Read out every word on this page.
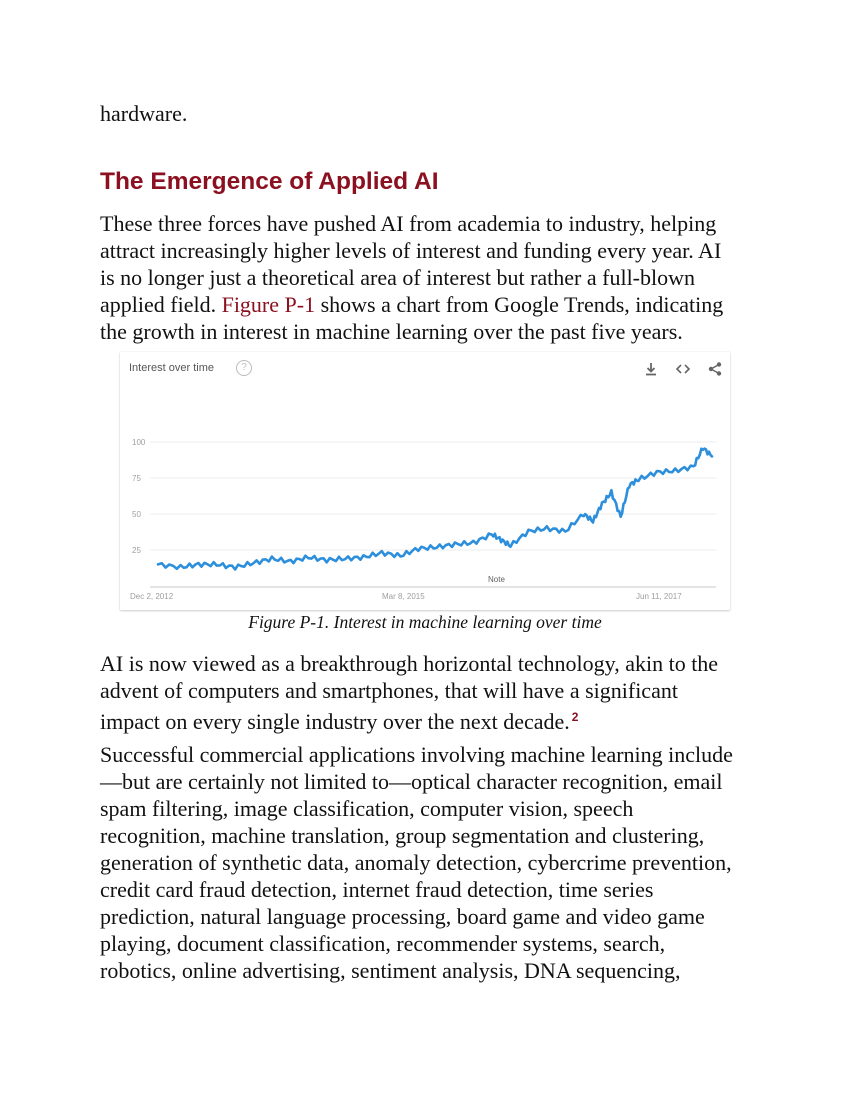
hardware.

The Emergence of Applied AI

These three forces have pushed AI from academia to industry, helping
attract increasingly higher levels of interest and funding every year. AI
is no longer just a theoretical area of interest but rather a full-blown
applied field. Figure P-1 shows a chart from Google Trends, indicating
the growth in interest in machine learning over the past five years.

Interest over time	?
100
75
50
25
Dec 2, 2012	Mar 8, 2015	Jun 11, 2017
Note

Figure P-1. Interest in machine learning over time

AI is now viewed as a breakthrough horizontal technology, akin to the
advent of computers and smartphones, that will have a significant
impact on every single industry over the next decade. $^2$

Successful commercial applications involving machine learning include
—but are certainly not limited to—optical character recognition, email
spam filtering, image classification, computer vision, speech
recognition, machine translation, group segmentation and clustering,
generation of synthetic data, anomaly detection, cybercrime prevention,
credit card fraud detection, internet fraud detection, time series
prediction, natural language processing, board game and video game
playing, document classification, recommender systems, search,
robotics, online advertising, sentiment analysis, DNA sequencing,
